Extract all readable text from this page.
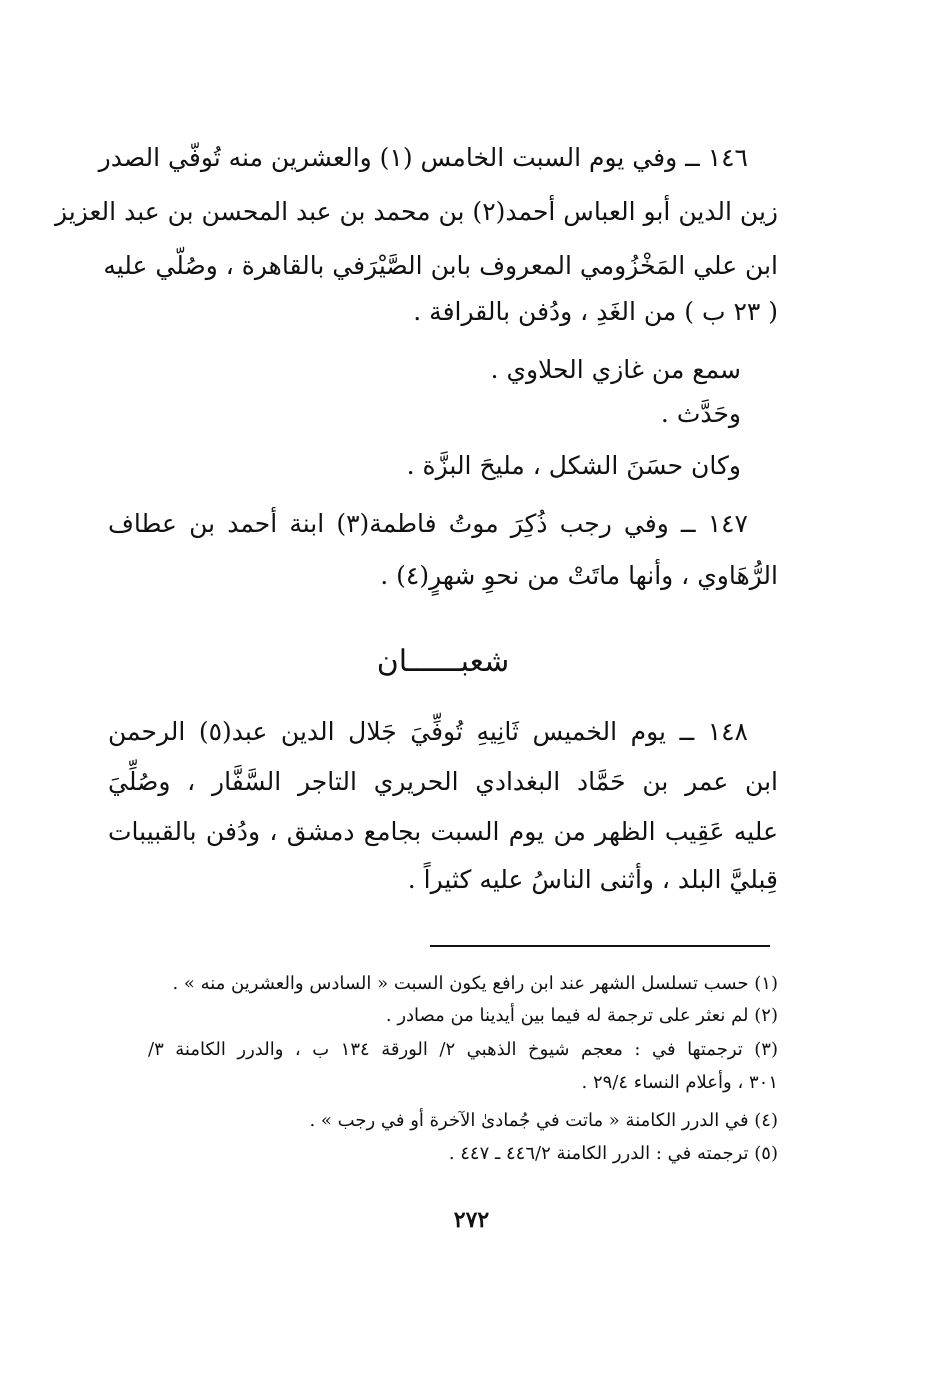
١٤٦ ــ وفي يوم السبت الخامس (١) والعشرين منه تُوفّي الصدر
زين الدين أبو العباس أحمد(٢) بن محمد بن عبد المحسن بن عبد العزيز
ابن علي المَخْزُومي المعروف بابن الصَّيْرَفي بالقاهرة ، وصُلّي عليه
( ٢٣ ب ) من الغَدِ ، ودُفن بالقرافة .
سمع من غازي الحلاوي .
وحَدَّث .
وكان حسَنَ الشكل ، مليحَ البزَّة .
١٤٧ ــ وفي رجب ذُكِرَ موتُ فاطمة(٣) ابنة أحمد بن عطاف
الرُّهَاوي ، وأنها ماتَتْ من نحوِ شهرٍ(٤) .
شعبــــــان
١٤٨ ــ يوم الخميس ثَانِيهِ تُوفِّيَ جَلال الدين عبد(٥) الرحمن
ابن عمر بن حَمَّاد البغدادي الحريري التاجر السَّفَّار ، وصُلِّيَ
عليه عَقِيب الظهر من يوم السبت بجامع دمشق ، ودُفن بالقبيبات
قِبليَّ البلد ، وأثنى الناسُ عليه كثيراً .
(١) حسب تسلسل الشهر عند ابن رافع يكون السبت « السادس والعشرين منه » .
(٢) لم نعثر على ترجمة له فيما بين أيدينا من مصادر .
(٣) ترجمتها في : معجم شيوخ الذهبي ٢/ الورقة ١٣٤ ب ، والدرر الكامنة ٣/
٣٠١ ، وأعلام النساء ٢٩/٤ .
(٤) في الدرر الكامنة « ماتت في جُمادىٰ الآخرة أو في رجب » .
(٥) ترجمته في : الدرر الكامنة ٤٤٦/٢ ـ ٤٤٧ .
٢٧٢
